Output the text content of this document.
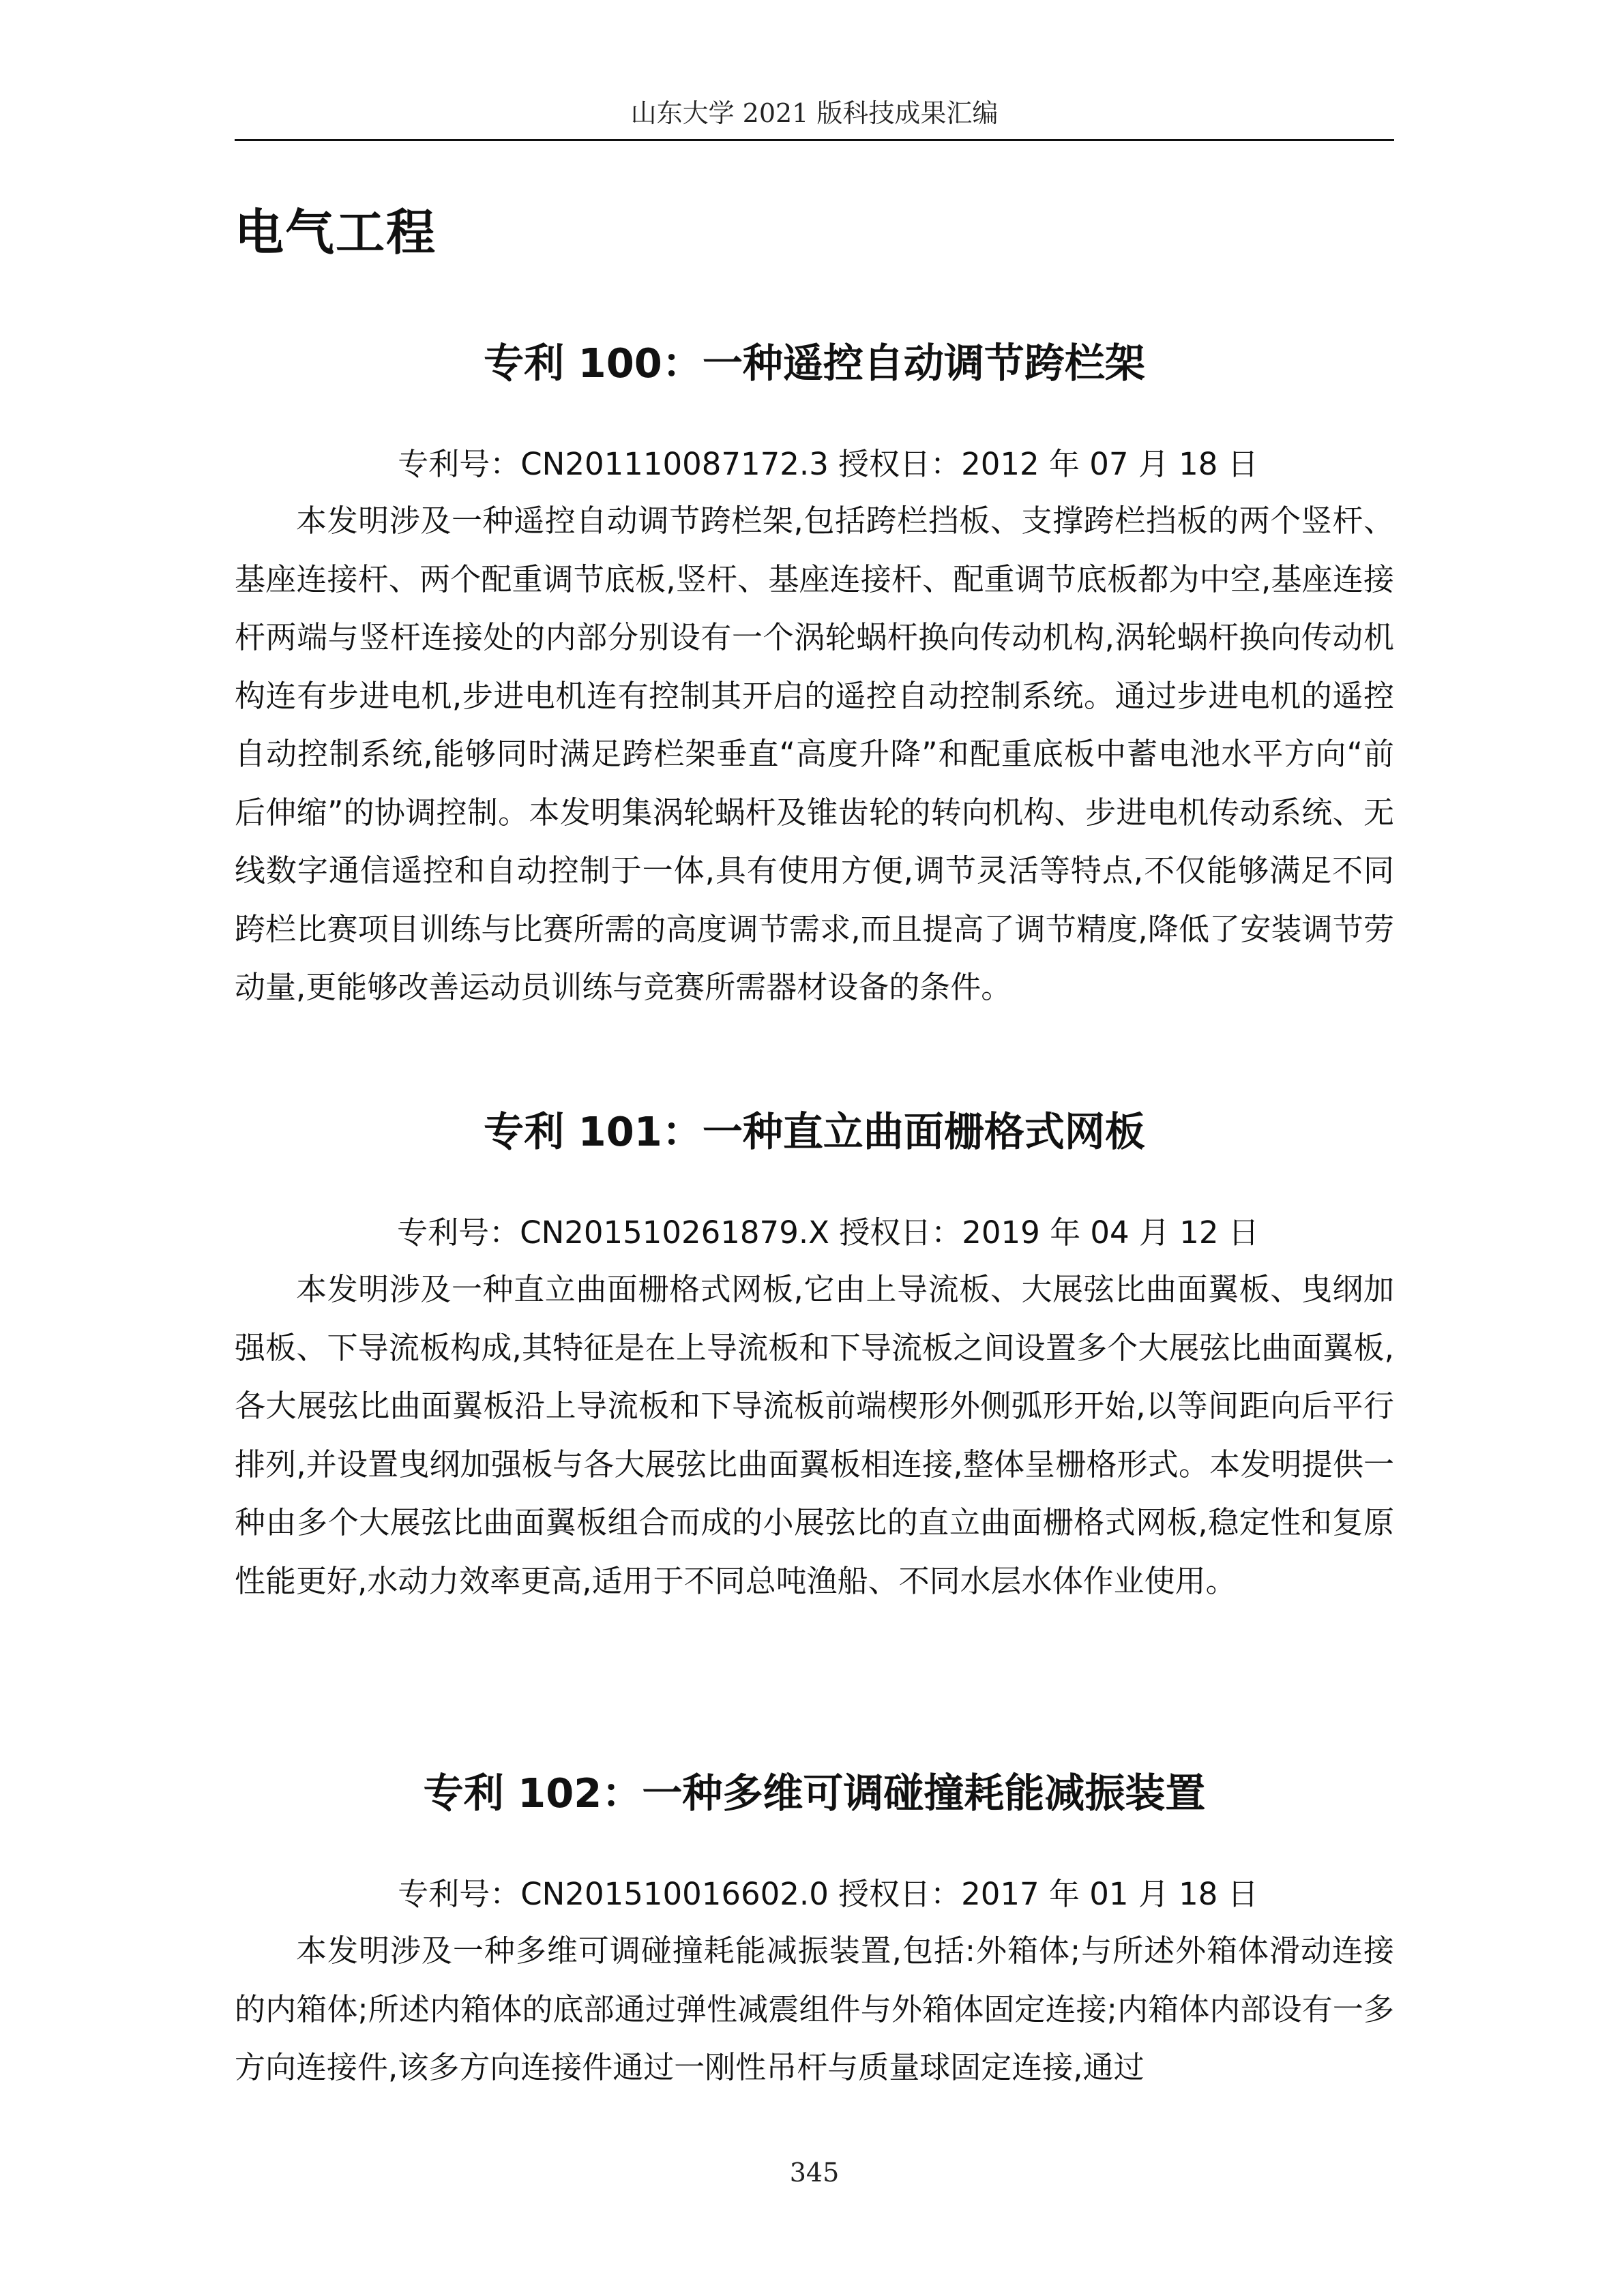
山东大学 2021 版科技成果汇编
电气工程
专利 100：一种遥控自动调节跨栏架
专利号：CN201110087172.3 授权日：2012 年 07 月 18 日

本发明涉及一种遥控自动调节跨栏架,包括跨栏挡板、支撑跨栏挡板的两个竖杆、基座连接杆、两个配重调节底板,竖杆、基座连接杆、配重调节底板都为中空,基座连接杆两端与竖杆连接处的内部分别设有一个涡轮蜗杆换向传动机构,涡轮蜗杆换向传动机构连有步进电机,步进电机连有控制其开启的遥控自动控制系统。通过步进电机的遥控自动控制系统,能够同时满足跨栏架垂直“高度升降”和配重底板中蓄电池水平方向“前后伸缩”的协调控制。本发明集涡轮蜗杆及锥齿轮的转向机构、步进电机传动系统、无线数字通信遥控和自动控制于一体,具有使用方便,调节灵活等特点,不仅能够满足不同跨栏比赛项目训练与比赛所需的高度调节需求,而且提高了调节精度,降低了安装调节劳动量,更能够改善运动员训练与竞赛所需器材设备的条件。

专利 101：一种直立曲面栅格式网板
专利号：CN201510261879.X 授权日：2019 年 04 月 12 日

本发明涉及一种直立曲面栅格式网板,它由上导流板、大展弦比曲面翼板、曳纲加强板、下导流板构成,其特征是在上导流板和下导流板之间设置多个大展弦比曲面翼板,各大展弦比曲面翼板沿上导流板和下导流板前端楔形外侧弧形开始,以等间距向后平行排列,并设置曳纲加强板与各大展弦比曲面翼板相连接,整体呈栅格形式。本发明提供一种由多个大展弦比曲面翼板组合而成的小展弦比的直立曲面栅格式网板,稳定性和复原性能更好,水动力效率更高,适用于不同总吨渔船、不同水层水体作业使用。

专利 102：一种多维可调碰撞耗能减振装置
专利号：CN201510016602.0 授权日：2017 年 01 月 18 日

本发明涉及一种多维可调碰撞耗能减振装置,包括:外箱体;与所述外箱体滑动连接的内箱体;所述内箱体的底部通过弹性减震组件与外箱体固定连接;内箱体内部设有一多方向连接件,该多方向连接件通过一刚性吊杆与质量球固定连接,通过

345
